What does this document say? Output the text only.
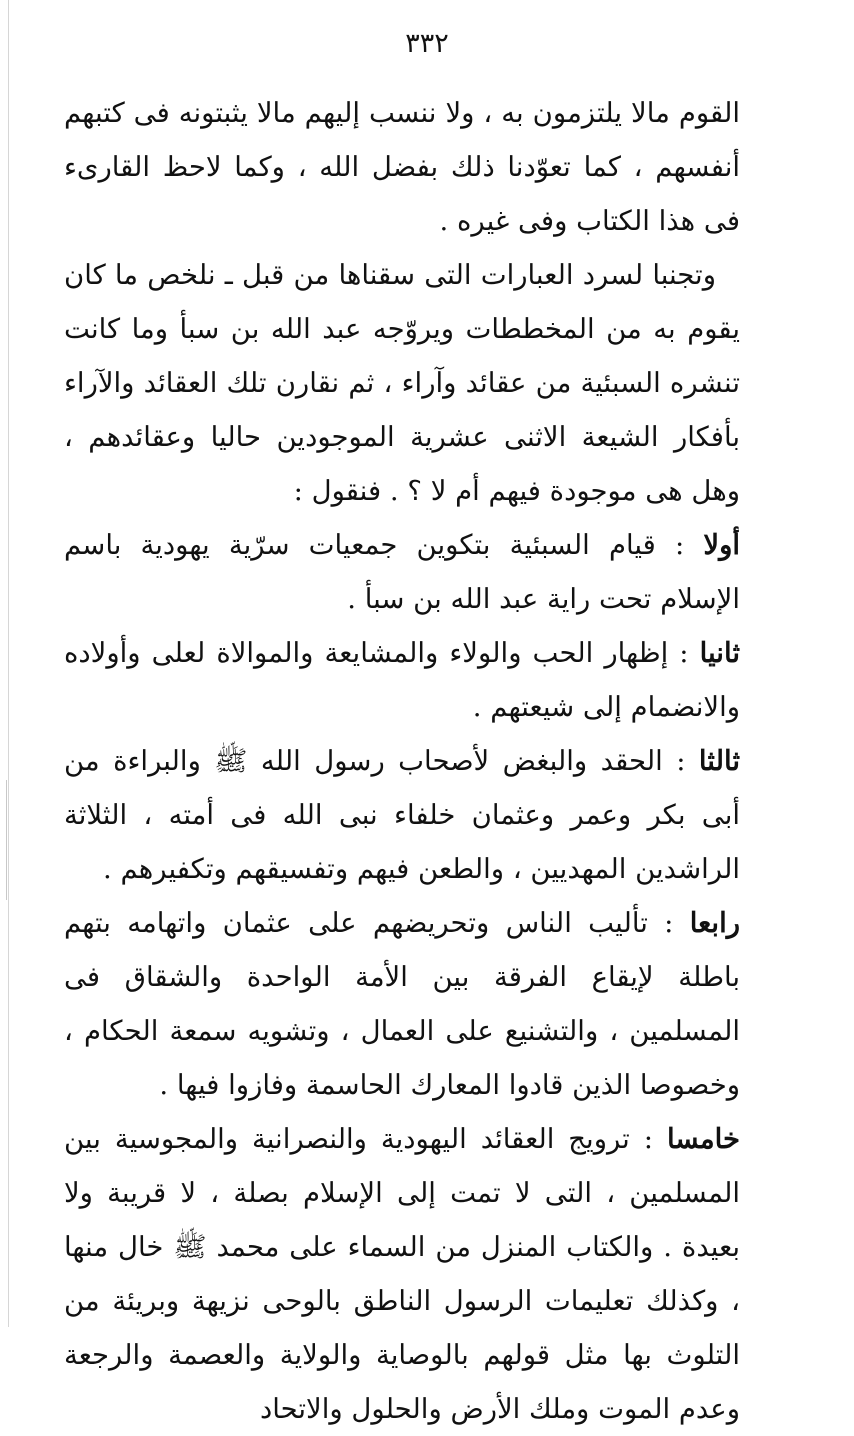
٣٣٢

القوم مالا يلتزمون به ، ولا ننسب إليهم مالا يثبتونه فى كتبهم أنفسهم ، كما تعوّدنا ذلك بفضل الله ، وكما لاحظ القارىء فى هذا الكتاب وفى غيره .

وتجنبا لسرد العبارات التى سقناها من قبل ـ نلخص ما كان يقوم به من المخططات ويروّجه عبد الله بن سبأ وما كانت تنشره السبئية من عقائد وآراء ، ثم نقارن تلك العقائد والآراء بأفكار الشيعة الاثنى عشرية الموجودين حاليا وعقائدهم ، وهل هى موجودة فيهم أم لا ؟ . فنقول :

أولا : قيام السبئية بتكوين جمعيات سرّية يهودية باسم الإسلام تحت راية عبد الله بن سبأ .

ثانيا : إظهار الحب والولاء والمشايعة والموالاة لعلى وأولاده والانضمام إلى شيعتهم .

ثالثا : الحقد والبغض لأصحاب رسول الله ﷺ والبراءة من أبى بكر وعمر وعثمان خلفاء نبى الله فى أمته ، الثلاثة الراشدين المهديين ، والطعن فيهم وتفسيقهم وتكفيرهم .

رابعا : تأليب الناس وتحريضهم على عثمان واتهامه بتهم باطلة لإيقاع الفرقة بين الأمة الواحدة والشقاق فى المسلمين ، والتشنيع على العمال ، وتشويه سمعة الحكام ، وخصوصا الذين قادوا المعارك الحاسمة وفازوا فيها .

خامسا : ترويج العقائد اليهودية والنصرانية والمجوسية بين المسلمين ، التى لا تمت إلى الإسلام بصلة ، لا قريبة ولا بعيدة . والكتاب المنزل من السماء على محمد ﷺ خال منها ، وكذلك تعليمات الرسول الناطق بالوحى نزيهة وبريئة من التلوث بها مثل قولهم بالوصاية والولاية والعصمة والرجعة وعدم الموت وملك الأرض والحلول والاتحاد
